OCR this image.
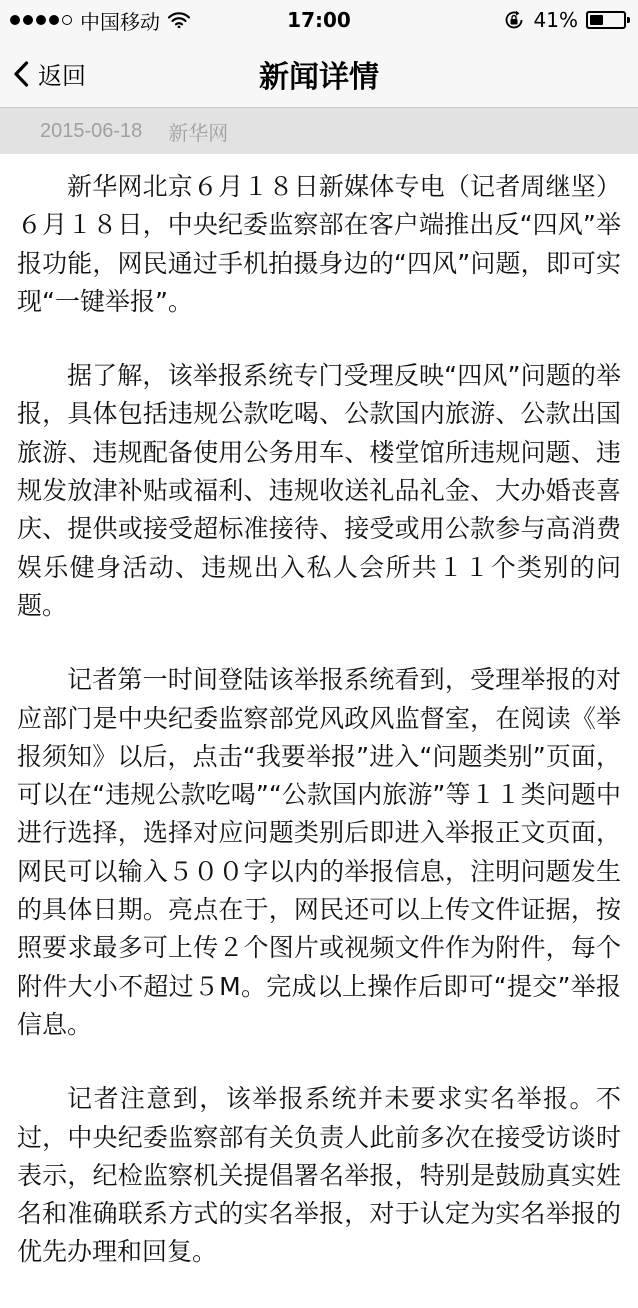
中国移动	17:00	41%
返回	新闻详情
2015-06-18 新华网

新华网北京６月１８日新媒体专电（记者周继坚）６月１８日，中央纪委监察部在客户端推出反“四风”举报功能，网民通过手机拍摄身边的“四风”问题，即可实现“一键举报”。

据了解，该举报系统专门受理反映“四风”问题的举报，具体包括违规公款吃喝、公款国内旅游、公款出国旅游、违规配备使用公务用车、楼堂馆所违规问题、违规发放津补贴或福利、违规收送礼品礼金、大办婚丧喜庆、提供或接受超标准接待、接受或用公款参与高消费娱乐健身活动、违规出入私人会所共１１个类别的问题。

记者第一时间登陆该举报系统看到，受理举报的对应部门是中央纪委监察部党风政风监督室，在阅读《举报须知》以后，点击“我要举报”进入“问题类别”页面，可以在“违规公款吃喝”“公款国内旅游”等１１类问题中进行选择，选择对应问题类别后即进入举报正文页面，网民可以输入５００字以内的举报信息，注明问题发生的具体日期。亮点在于，网民还可以上传文件证据，按照要求最多可上传２个图片或视频文件作为附件，每个附件大小不超过５M。完成以上操作后即可“提交”举报信息。

记者注意到，该举报系统并未要求实名举报。不过，中央纪委监察部有关负责人此前多次在接受访谈时表示，纪检监察机关提倡署名举报，特别是鼓励真实姓名和准确联系方式的实名举报，对于认定为实名举报的优先办理和回复。
